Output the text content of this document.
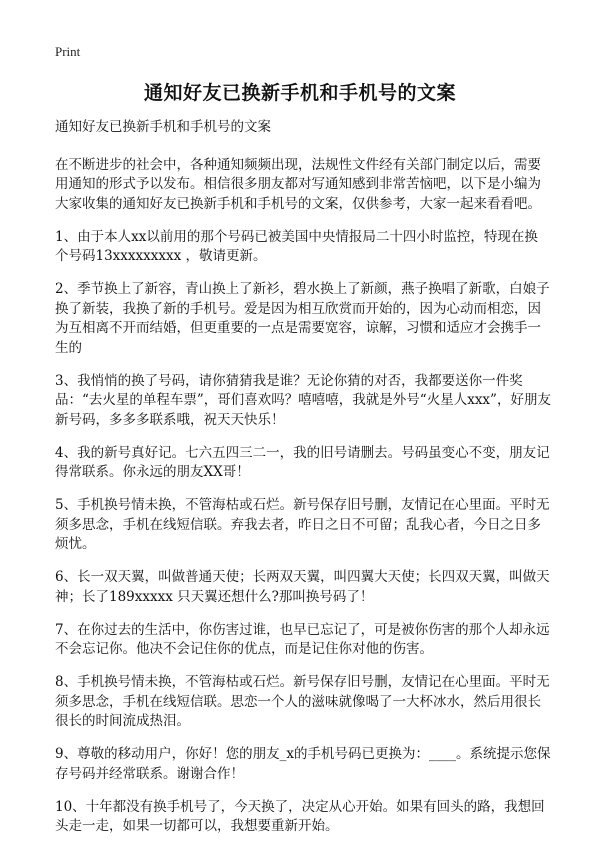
Print
通知好友已换新手机和手机号的文案

通知好友已换新手机和手机号的文案

在不断进步的社会中，各种通知频频出现，法规性文件经有关部门制定以后，需要用通知的形式予以发布。相信很多朋友都对写通知感到非常苦恼吧，以下是小编为大家收集的通知好友已换新手机和手机号的文案，仅供参考，大家一起来看看吧。

1、由于本人xx以前用的那个号码已被美国中央情报局二十四小时监控，特现在换个号码13xxxxxxxxx ，敬请更新。

2、季节换上了新容，青山换上了新衫，碧水换上了新颜，燕子换唱了新歌，白娘子换了新装，我换了新的手机号。爱是因为相互欣赏而开始的，因为心动而相恋，因为互相离不开而结婚，但更重要的一点是需要宽容，谅解，习惯和适应才会携手一生的

3、我悄悄的换了号码，请你猜猜我是谁？无论你猜的对否，我都要送你一件奖品：“去火星的单程车票”，哥们喜欢吗？嘻嘻嘻，我就是外号“火星人xxx”，好朋友新号码，多多多联系哦，祝天天快乐！

4、我的新号真好记。七六五四三二一，我的旧号请删去。号码虽变心不变，朋友记得常联系。你永远的朋友XX哥！

5、手机换号情未换，不管海枯或石烂。新号保存旧号删，友情记在心里面。平时无须多思念，手机在线短信联。弃我去者，昨日之日不可留；乱我心者，今日之日多烦忧。

6、长一双天翼，叫做普通天使；长两双天翼，叫四翼大天使；长四双天翼，叫做天神；长了189xxxxx 只天翼还想什么?那叫换号码了！

7、在你过去的生活中，你伤害过谁，也早已忘记了，可是被你伤害的那个人却永远不会忘记你。他决不会记住你的优点，而是记住你对他的伤害。

8、手机换号情未换，不管海枯或石烂。新号保存旧号删，友情记在心里面。平时无须多思念，手机在线短信联。思恋一个人的滋味就像喝了一大杯冰水，然后用很长很长的时间流成热泪。

9、尊敬的移动用户，你好！您的朋友_x的手机号码已更换为：____。系统提示您保存号码并经常联系。谢谢合作！

10、十年都没有换手机号了，今天换了，决定从心开始。如果有回头的路，我想回头走一走，如果一切都可以，我想要重新开始。
